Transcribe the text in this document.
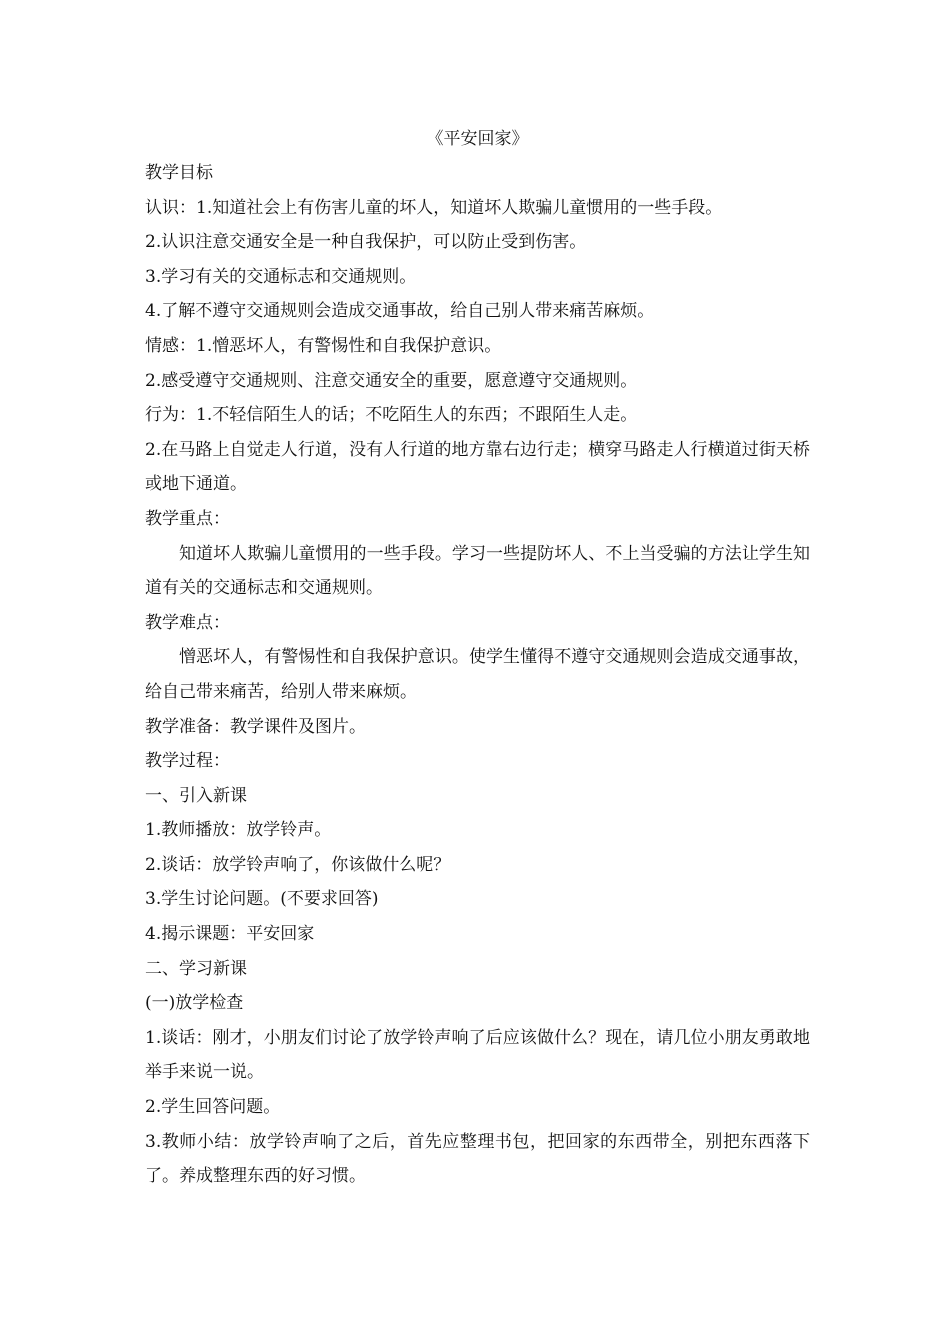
《平安回家》

教学目标

认识：1.知道社会上有伤害儿童的坏人，知道坏人欺骗儿童惯用的一些手段。

2.认识注意交通安全是一种自我保护，可以防止受到伤害。

3.学习有关的交通标志和交通规则。

4.了解不遵守交通规则会造成交通事故，给自己别人带来痛苦麻烦。

情感：1.憎恶坏人，有警惕性和自我保护意识。

2.感受遵守交通规则、注意交通安全的重要，愿意遵守交通规则。

行为：1.不轻信陌生人的话；不吃陌生人的东西；不跟陌生人走。

2.在马路上自觉走人行道，没有人行道的地方靠右边行走；横穿马路走人行横道过街天桥或地下通道。

教学重点：

知道坏人欺骗儿童惯用的一些手段。学习一些提防坏人、不上当受骗的方法让学生知道有关的交通标志和交通规则。

教学难点：

憎恶坏人，有警惕性和自我保护意识。使学生懂得不遵守交通规则会造成交通事故，给自己带来痛苦，给别人带来麻烦。

教学准备：教学课件及图片。

教学过程：

一、引入新课

1.教师播放：放学铃声。

2.谈话：放学铃声响了，你该做什么呢？

3.学生讨论问题。(不要求回答)

4.揭示课题：平安回家

二、学习新课

(一)放学检查

1.谈话：刚才，小朋友们讨论了放学铃声响了后应该做什么？现在，请几位小朋友勇敢地举手来说一说。

2.学生回答问题。

3.教师小结：放学铃声响了之后，首先应整理书包，把回家的东西带全，别把东西落下了。养成整理东西的好习惯。
